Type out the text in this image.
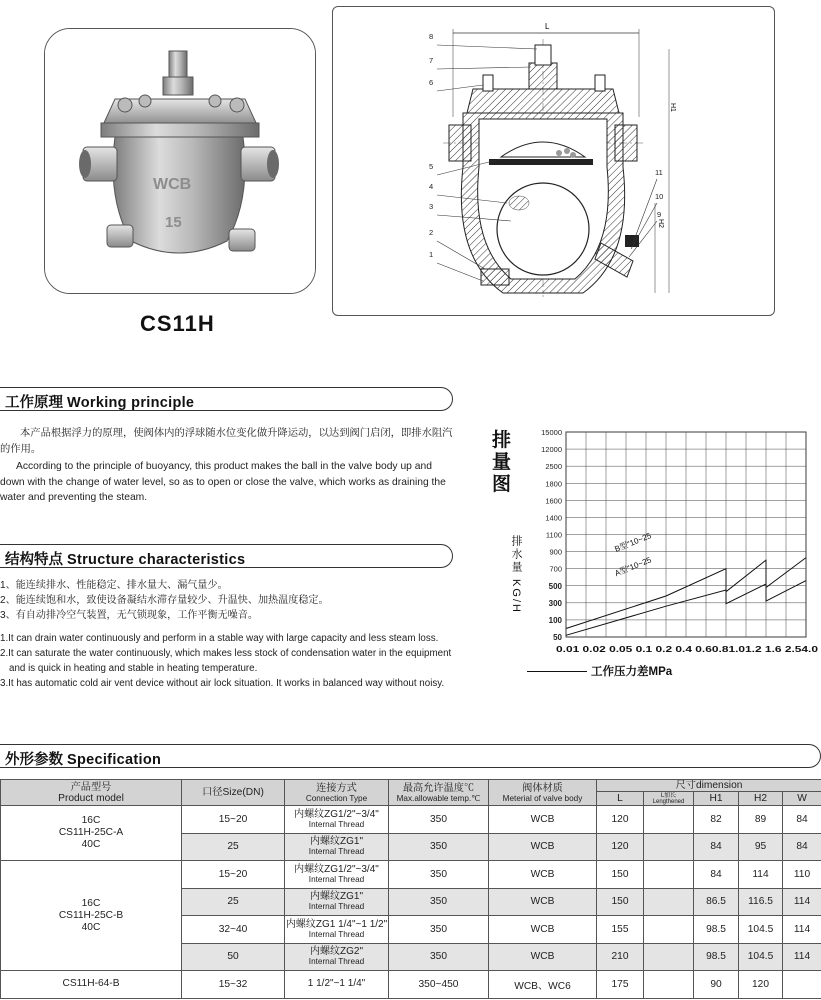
WCB
15
CS11H
L
H1
H2
8
7
6
5
4
3
2
1
11
10
9
工作原理 Working principle
本产品根据浮力的原理，使阀体内的浮球随水位变化做升降运动，以达到阀门启闭，即排水阻汽的作用。
According to the principle of buoyancy, this product makes the ball in the valve body up and down with the change of water level, so as to open or close the valve, which works as draining the water and preventing the steam.
结构特点 Structure characteristics
1、能连续排水、性能稳定、排水量大、漏气量少。
2、能连续饱和水，致使设备凝结水滞存量较少、升温快、加热温度稳定。
3、有自动排冷空气装置，无气锁现象，工作平衡无噪音。
1.It can drain water continuously and perform in a stable way with large capacity and less steam loss.
2.It can saturate the water continuously, which makes less stock of condensation water in the equipment and is quick in heating and stable in heating temperature.
3.It has automatic cold air vent device without air lock situation. It works in balanced way without noisy.
排量图
排水量 KG/H
15000
12000
2500
1800
1600
1400
1100
900
700
500
300
100
50
0.01 0.02 0.05 0.1 0.2 0.4 0.60.81.01.2 1.6 2.54.0
B型"10~25
A型"10~25
工作压力差MPa
外形参数 Specification
产品型号
Product model	口径Size(DN)	连接方式

Connection Type	最高允许温度℃

Max.allowable temp.℃	阀体材质

Meterial of valve body	尺寸dimension				
					L	L加长
Lengthened	H1	H2	W

16C
CS11H-25C-A
40C	15~20	内螺纹ZG1/2"~3/4"
Internal Thread	350	WCB	120		82	89	84
	25	内螺纹ZG1"
Internal Thread	350	WCB	120		84	95	84

16C
CS11H-25C-B
40C	15~20	内螺纹ZG1/2"~3/4"
Internal Thread	350	WCB	150		84	114	110
	25	内螺纹ZG1"
Internal Thread	350	WCB	150		86.5	116.5	114
	32~40	内螺纹ZG1 1/4"~1 1/2"
Internal Thread	350	WCB	155		98.5	104.5	114
	50	内螺纹ZG2"
Internal Thread	350	WCB	210		98.5	104.5	114

CS11H-64-B	15~32	1 1/2"~1 1/4"	350~450	WCB、WC6	175		90	120	
